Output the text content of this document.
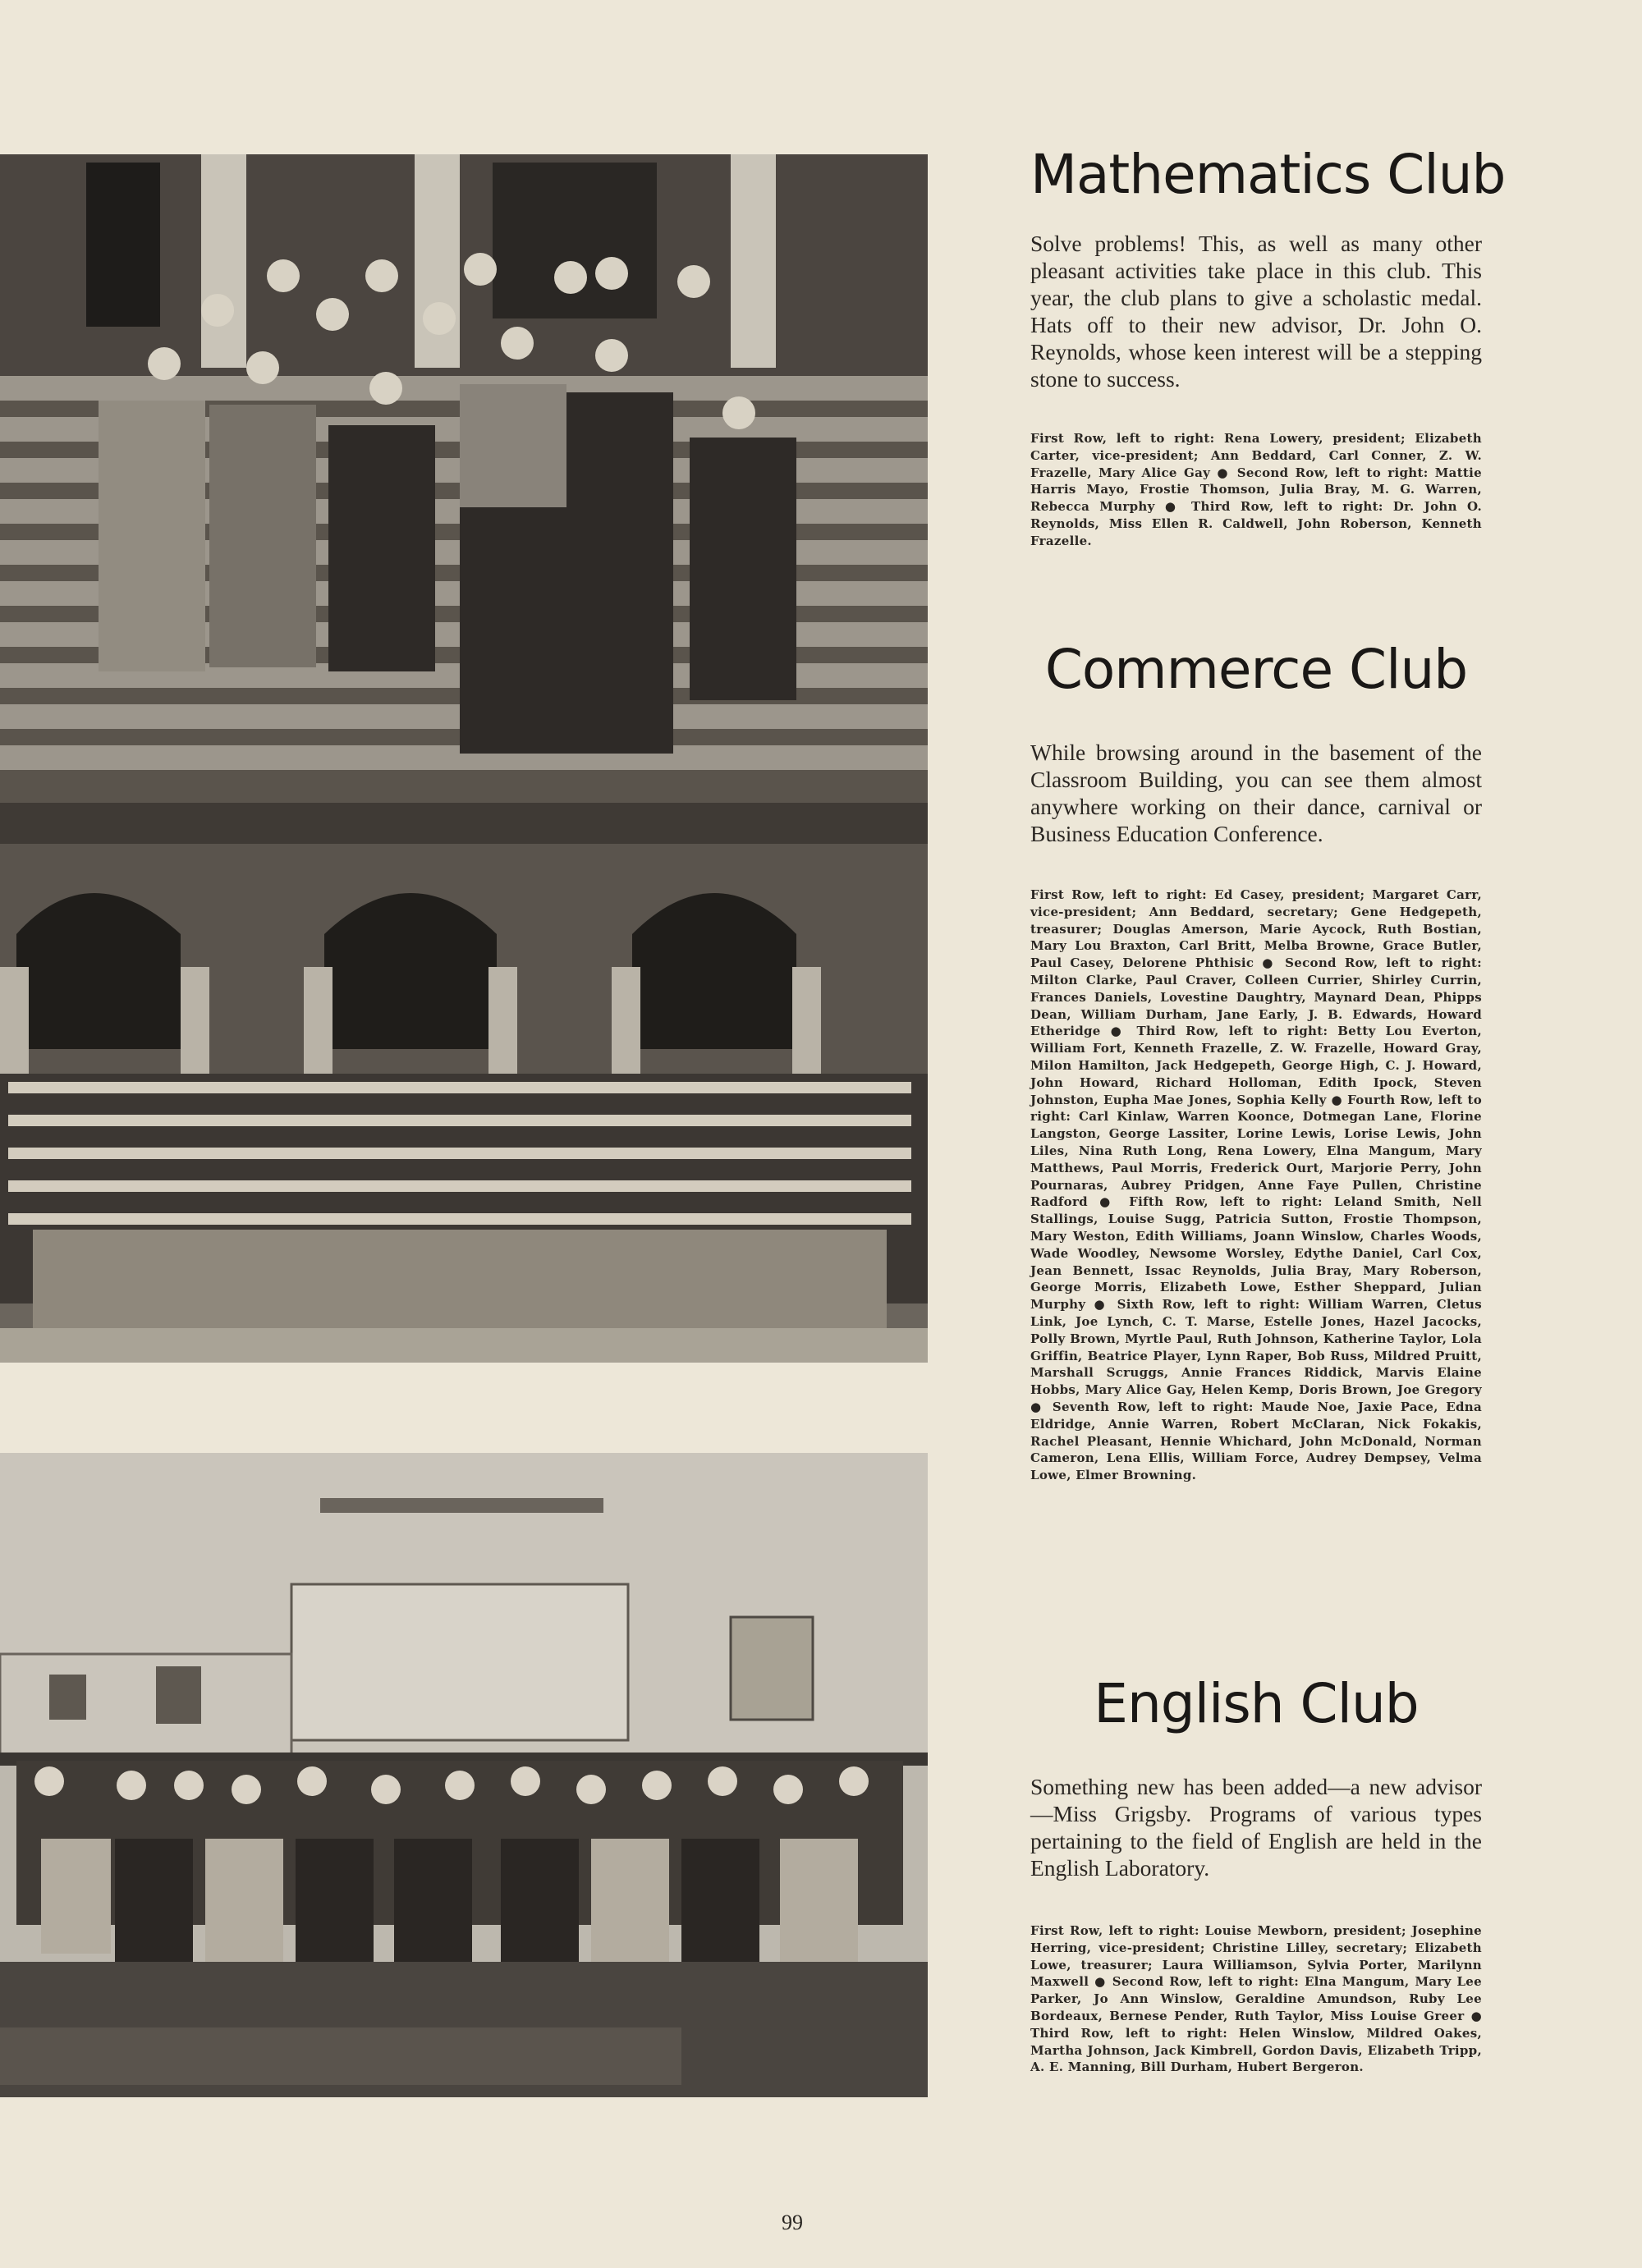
Mathematics Club

Solve problems! This, as well as many other pleasant activities take place in this club. This year, the club plans to give a scholastic medal. Hats off to their new advisor, Dr. John O. Reynolds, whose keen interest will be a stepping stone to success.

First Row, left to right: Rena Lowery, president; Elizabeth Carter, vice-president; Ann Beddard, Carl Conner, Z. W. Frazelle, Mary Alice Gay ● Second Row, left to right: Mattie Harris Mayo, Frostie Thomson, Julia Bray, M. G. Warren, Rebecca Murphy ● Third Row, left to right: Dr. John O. Reynolds, Miss Ellen R. Caldwell, John Roberson, Kenneth Frazelle.

Commerce Club

While browsing around in the basement of the Classroom Building, you can see them almost anywhere working on their dance, carnival or Business Education Conference.

First Row, left to right: Ed Casey, president; Margaret Carr, vice-president; Ann Beddard, secretary; Gene Hedgepeth, treasurer; Douglas Amerson, Marie Aycock, Ruth Bostian, Mary Lou Braxton, Carl Britt, Melba Browne, Grace Butler, Paul Casey, Delorene Phthisic ● Second Row, left to right: Milton Clarke, Paul Craver, Colleen Currier, Shirley Currin, Frances Daniels, Lovestine Daughtry, Maynard Dean, Phipps Dean, William Durham, Jane Early, J. B. Edwards, Howard Etheridge ● Third Row, left to right: Betty Lou Everton, William Fort, Kenneth Frazelle, Z. W. Frazelle, Howard Gray, Milon Hamilton, Jack Hedgepeth, George High, C. J. Howard, John Howard, Richard Holloman, Edith Ipock, Steven Johnston, Eupha Mae Jones, Sophia Kelly ● Fourth Row, left to right: Carl Kinlaw, Warren Koonce, Dotmegan Lane, Florine Langston, George Lassiter, Lorine Lewis, Lorise Lewis, John Liles, Nina Ruth Long, Rena Lowery, Elna Mangum, Mary Matthews, Paul Morris, Frederick Ourt, Marjorie Perry, John Pournaras, Aubrey Pridgen, Anne Faye Pullen, Christine Radford ● Fifth Row, left to right: Leland Smith, Nell Stallings, Louise Sugg, Patricia Sutton, Frostie Thompson, Mary Weston, Edith Williams, Joann Winslow, Charles Woods, Wade Woodley, Newsome Worsley, Edythe Daniel, Carl Cox, Jean Bennett, Issac Reynolds, Julia Bray, Mary Roberson, George Morris, Elizabeth Lowe, Esther Sheppard, Julian Murphy ● Sixth Row, left to right: William Warren, Cletus Link, Joe Lynch, C. T. Marse, Estelle Jones, Hazel Jacocks, Polly Brown, Myrtle Paul, Ruth Johnson, Katherine Taylor, Lola Griffin, Beatrice Player, Lynn Raper, Bob Russ, Mildred Pruitt, Marshall Scruggs, Annie Frances Riddick, Marvis Elaine Hobbs, Mary Alice Gay, Helen Kemp, Doris Brown, Joe Gregory ● Seventh Row, left to right: Maude Noe, Jaxie Pace, Edna Eldridge, Annie Warren, Robert McClaran, Nick Fokakis, Rachel Pleasant, Hennie Whichard, John McDonald, Norman Cameron, Lena Ellis, William Force, Audrey Dempsey, Velma Lowe, Elmer Browning.

English Club

Something new has been added—a new advisor—Miss Grigsby. Programs of various types pertaining to the field of English are held in the English Laboratory.

First Row, left to right: Louise Mewborn, president; Josephine Herring, vice-president; Christine Lilley, secretary; Elizabeth Lowe, treasurer; Laura Williamson, Sylvia Porter, Marilynn Maxwell ● Second Row, left to right: Elna Mangum, Mary Lee Parker, Jo Ann Winslow, Geraldine Amundson, Ruby Lee Bordeaux, Bernese Pender, Ruth Taylor, Miss Louise Greer ● Third Row, left to right: Helen Winslow, Mildred Oakes, Martha Johnson, Jack Kimbrell, Gordon Davis, Elizabeth Tripp, A. E. Manning, Bill Durham, Hubert Bergeron.

99
